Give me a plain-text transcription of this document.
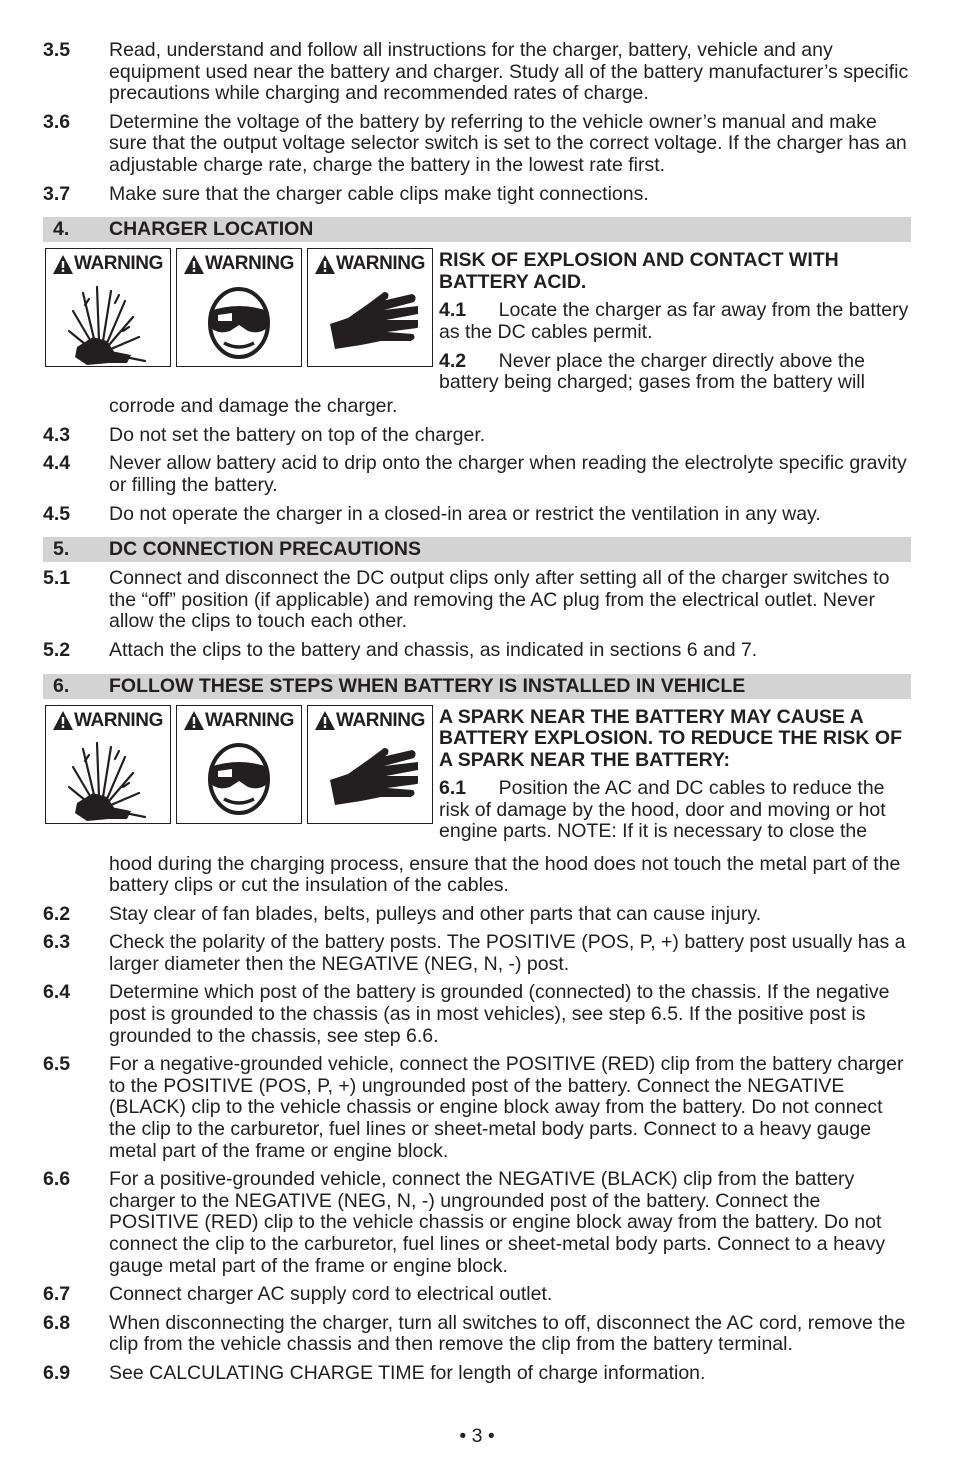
3.5	Read, understand and follow all instructions for the charger, battery, vehicle and any equipment used near the battery and charger. Study all of the battery manufacturer’s specific precautions while charging and recommended rates of charge.
3.6	Determine the voltage of the battery by referring to the vehicle owner’s manual and make sure that the output voltage selector switch is set to the correct voltage. If the charger has an adjustable charge rate, charge the battery in the lowest rate first.
3.7	Make sure that the charger cable clips make tight connections.
4.	CHARGER LOCATION
WARNING WARNING WARNING RISK OF EXPLOSION AND CONTACT WITH BATTERY ACID.

4.1 Locate the charger as far away from the battery as the DC cables permit.

4.2 Never place the charger directly above the battery being charged; gases from the battery will

corrode and damage the charger.
4.3	Do not set the battery on top of the charger.
4.4	Never allow battery acid to drip onto the charger when reading the electrolyte specific gravity or filling the battery.
4.5	Do not operate the charger in a closed-in area or restrict the ventilation in any way.
5.	DC CONNECTION PRECAUTIONS
5.1	Connect and disconnect the DC output clips only after setting all of the charger switches to the “off” position (if applicable) and removing the AC plug from the electrical outlet. Never allow the clips to touch each other.
5.2	Attach the clips to the battery and chassis, as indicated in sections 6 and 7.
6.	FOLLOW THESE STEPS WHEN BATTERY IS INSTALLED IN VEHICLE
WARNING WARNING WARNING A SPARK NEAR THE BATTERY MAY CAUSE A BATTERY EXPLOSION. TO REDUCE THE RISK OF A SPARK NEAR THE BATTERY:

6.1 Position the AC and DC cables to reduce the risk of damage by the hood, door and moving or hot engine parts. NOTE: If it is necessary to close the

hood during the charging process, ensure that the hood does not touch the metal part of the battery clips or cut the insulation of the cables.
6.2	Stay clear of fan blades, belts, pulleys and other parts that can cause injury.
6.3	Check the polarity of the battery posts. The POSITIVE (POS, P, +) battery post usually has a larger diameter then the NEGATIVE (NEG, N, -) post.
6.4	Determine which post of the battery is grounded (connected) to the chassis. If the negative post is grounded to the chassis (as in most vehicles), see step 6.5. If the positive post is grounded to the chassis, see step 6.6.
6.5	For a negative-grounded vehicle, connect the POSITIVE (RED) clip from the battery charger to the POSITIVE (POS, P, +) ungrounded post of the battery. Connect the NEGATIVE (BLACK) clip to the vehicle chassis or engine block away from the battery. Do not connect the clip to the carburetor, fuel lines or sheet-metal body parts. Connect to a heavy gauge metal part of the frame or engine block.
6.6	For a positive-grounded vehicle, connect the NEGATIVE (BLACK) clip from the battery charger to the NEGATIVE (NEG, N, -) ungrounded post of the battery. Connect the POSITIVE (RED) clip to the vehicle chassis or engine block away from the battery. Do not connect the clip to the carburetor, fuel lines or sheet-metal body parts. Connect to a heavy gauge metal part of the frame or engine block.
6.7	Connect charger AC supply cord to electrical outlet.
6.8	When disconnecting the charger, turn all switches to off, disconnect the AC cord, remove the clip from the vehicle chassis and then remove the clip from the battery terminal.
6.9	See CALCULATING CHARGE TIME for length of charge information.
• 3 •
